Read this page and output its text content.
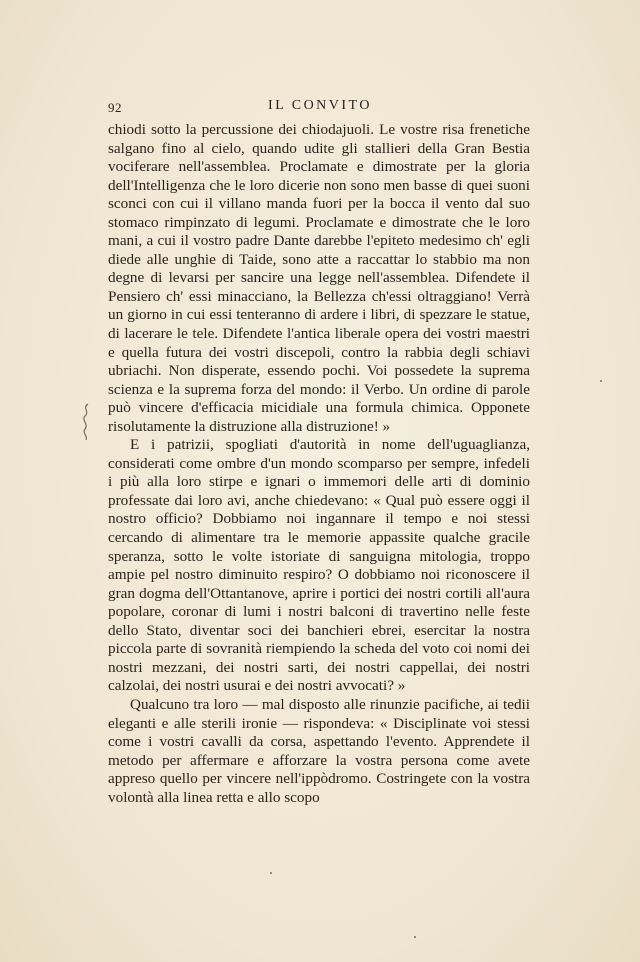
92	IL CONVITO

chiodi sotto la percussione dei chiodajuoli. Le vostre risa frenetiche salgano fino al cielo, quando udite gli stallieri della Gran Bestia vociferare nell'assemblea. Proclamate e dimostrate per la gloria dell'Intelligenza che le loro dicerie non sono men basse di quei suoni sconci con cui il villano manda fuori per la bocca il vento dal suo stomaco rimpinzato di legumi. Proclamate e dimostrate che le loro mani, a cui il vostro padre Dante darebbe l'epiteto medesimo ch' egli diede alle unghie di Taide, sono atte a raccattar lo stabbio ma non degne di levarsi per sancire una legge nell'assemblea. Difendete il Pensiero ch' essi minacciano, la Bellezza ch'essi oltraggiano! Verrà un giorno in cui essi tenteranno di ardere i libri, di spezzare le statue, di lacerare le tele. Difendete l'antica liberale opera dei vostri maestri e quella futura dei vostri discepoli, contro la rabbia degli schiavi ubriachi. Non disperate, essendo pochi. Voi possedete la suprema scienza e la suprema forza del mondo: il Verbo. Un ordine di parole può vincere d'efficacia micidiale una formula chimica. Opponete risolutamente la distruzione alla distruzione! »

E i patrizii, spogliati d'autorità in nome dell'uguaglianza, considerati come ombre d'un mondo scomparso per sempre, infedeli i più alla loro stirpe e ignari o immemori delle arti di dominio professate dai loro avi, anche chiedevano: « Qual può essere oggi il nostro officio? Dobbiamo noi ingannare il tempo e noi stessi cercando di alimentare tra le memorie appassite qualche gracile speranza, sotto le volte istoriate di sanguigna mitologia, troppo ampie pel nostro diminuito respiro? O dobbiamo noi riconoscere il gran dogma dell'Ottantanove, aprire i portici dei nostri cortili all'aura popolare, coronar di lumi i nostri balconi di travertino nelle feste dello Stato, diventar soci dei banchieri ebrei, esercitar la nostra piccola parte di sovranità riempiendo la scheda del voto coi nomi dei nostri mezzani, dei nostri sarti, dei nostri cappellai, dei nostri calzolai, dei nostri usurai e dei nostri avvocati? »

Qualcuno tra loro — mal disposto alle rinunzie pacifiche, ai tedii eleganti e alle sterili ironie — rispondeva: « Disciplinate voi stessi come i vostri cavalli da corsa, aspettando l'evento. Apprendete il metodo per affermare e afforzare la vostra persona come avete appreso quello per vincere nell'ippòdromo. Costringete con la vostra volontà alla linea retta e allo scopo
